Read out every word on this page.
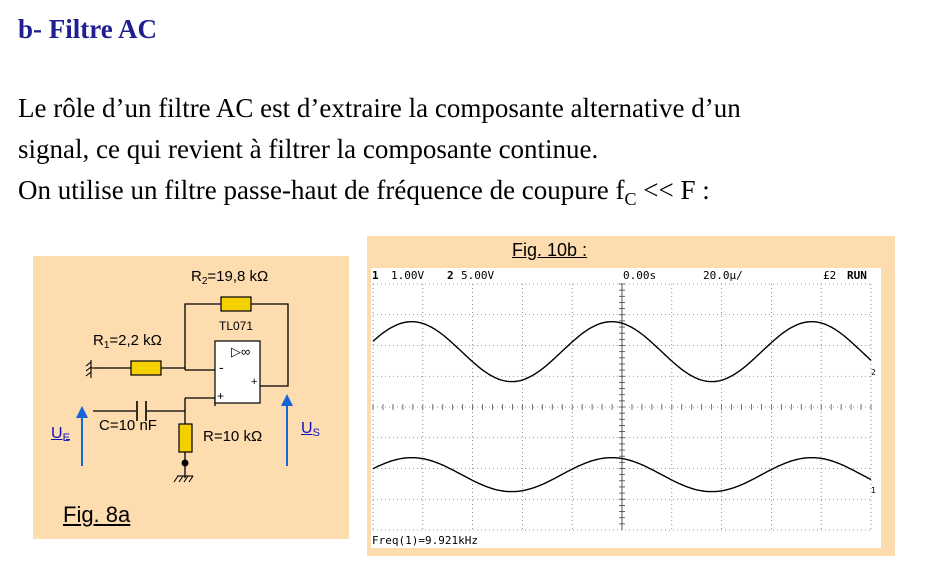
b- Filtre AC
Le rôle d’un filtre AC est d’extraire la composante alternative d’un
signal, ce qui revient à filtrer la composante continue.
On utilise un filtre passe-haut de fréquence de coupure $f_C << F$ :
$R_2=19,8$ kΩ
TL071
▷∞
-
+
+
$R_1=2,2$ kΩ
C=10 nF
R=10 kΩ
$U_E$
$U_S$
Fig. 8a
Fig. 10b :
1 1.00V 2 5.00V	0.00s	20.0µ/	£2 RUN
2
1
Freq(1)=9.921kHz
